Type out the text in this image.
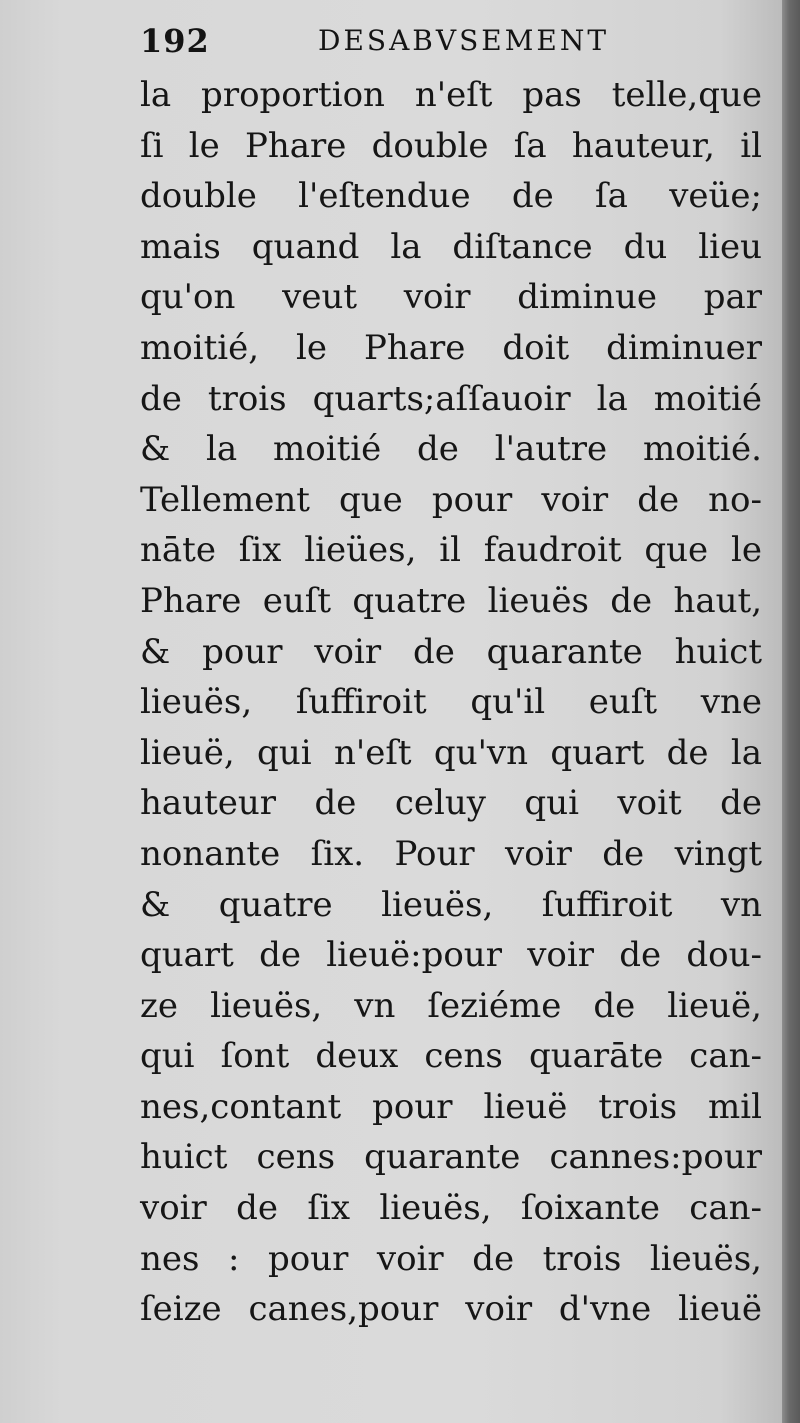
192	DESABVSEMENT
la proportion n'eſt pas telle,que
ſi le Phare double ſa hauteur, il
double l'eſtendue de ſa veüe;
mais quand la diſtance du lieu
qu'on veut voir diminue par
moitié, le Phare doit diminuer
de trois quarts;aſſauoir la moitié
& la moitié de l'autre moitié.
Tellement que pour voir de no-
nāte ſix lieües, il faudroit que le
Phare euſt quatre lieuës de haut,
& pour voir de quarante huict
lieuës, ſuffiroit qu'il euſt vne
lieuë, qui n'eſt qu'vn quart de la
hauteur de celuy qui voit de
nonante ſix. Pour voir de vingt
& quatre lieuës, ſuffiroit vn
quart de lieuë:pour voir de dou-
ze lieuës, vn ſeziéme de lieuë,
qui ſont deux cens quarāte can-
nes,contant pour lieuë trois mil
huict cens quarante cannes:pour
voir de ſix lieuës, ſoixante can-
nes : pour voir de trois lieuës,
ſeize canes,pour voir d'vne lieuë
